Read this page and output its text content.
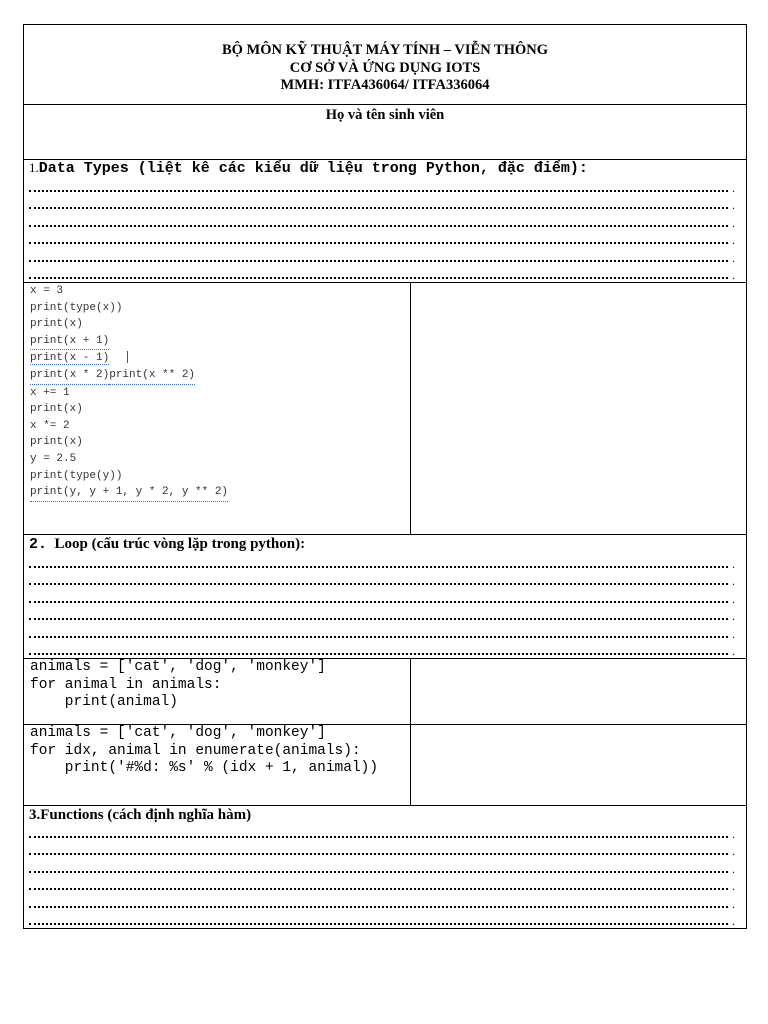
BỘ MÔN KỸ THUẬT MÁY TÍNH – VIỄN THÔNG
CƠ SỞ VÀ ỨNG DỤNG IOTS
MMH: ITFA436064/ ITFA336064
Họ và tên sinh viên
1.Data Types (liệt kê các kiểu dữ liệu trong Python, đặc điểm):
.
.
.
.
.
.
x = 3
print(type(x))
print(x)
print(x + 1)
print(x - 1)
print(x * 2)print(x ** 2)
x += 1
print(x)
x *= 2
print(x)
y = 2.5
print(type(y))
print(y, y + 1, y * 2, y ** 2)
2. Loop (cấu trúc vòng lặp trong python):
.
.
.
.
.
.
animals = ['cat', 'dog', 'monkey']
for animal in animals:
print(animal)
animals = ['cat', 'dog', 'monkey']
for idx, animal in enumerate(animals):
print('#%d: %s' % (idx + 1, animal))
3.Functions (cách định nghĩa hàm)
.
.
.
.
.
.
